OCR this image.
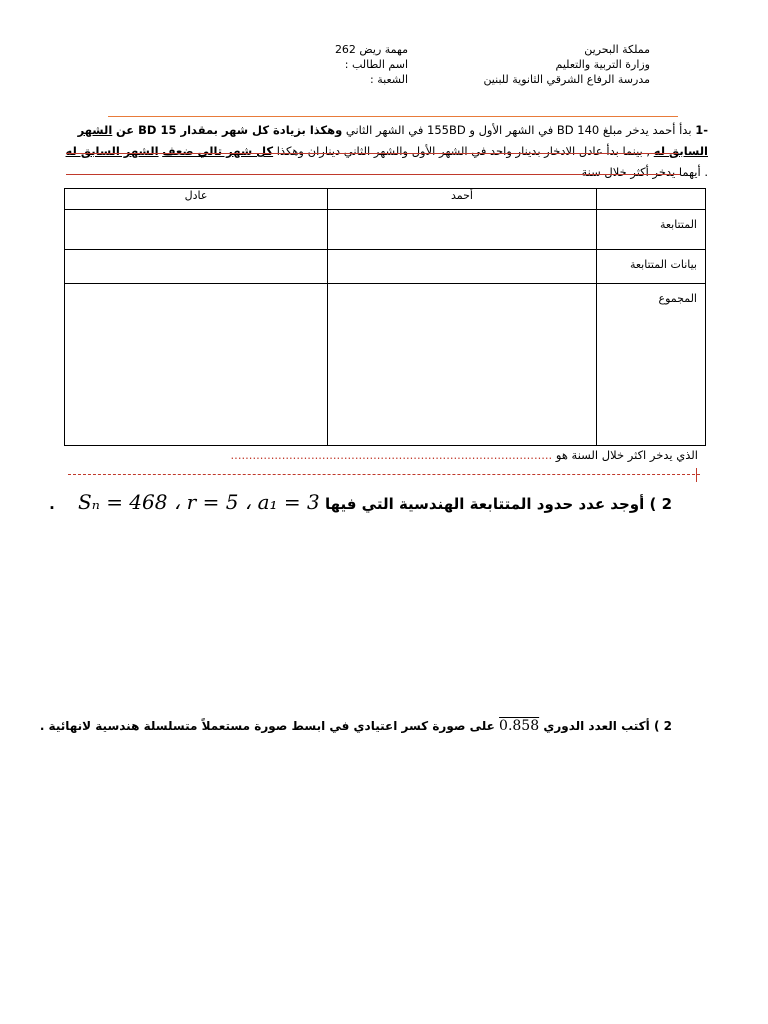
مملكة البحرين
وزارة التربية والتعليم
مدرسة الرفاع الشرقي الثانوية للبنين
مهمة ريض 262
اسم الطالب :
الشعبة :
-1 بدأ أحمد يدخر مبلغ 140 BD في الشهر الأول و 155BD في الشهر الثاني وهكذا بزيادة كل شهر بمقدار BD 15 عن الشهر السابق له , بينما بدأ عادل الادخار بدينار واحد في الشهر الأول والشهر الثاني ديناران وهكذا كل شهر تالي ضعف الشهر السابق له . أيهما يدخر أكثر خلال سنة
	أحمد	عادل
المتتابعة		
بيانات المتتابعة		
المجموع		
الذي يدخر اكثر خلال السنة هو ........................................................................................
2 ) أوجد عدد حدود المتتابعة الهندسية التي فيها Sₙ = 468 ، r = 5 ، a₁ = 3 .
2 ) أكتب العدد الدوري 0.858 على صورة كسر اعتيادي في ابسط صورة مستعملاً متسلسلة هندسية لانهائية .
